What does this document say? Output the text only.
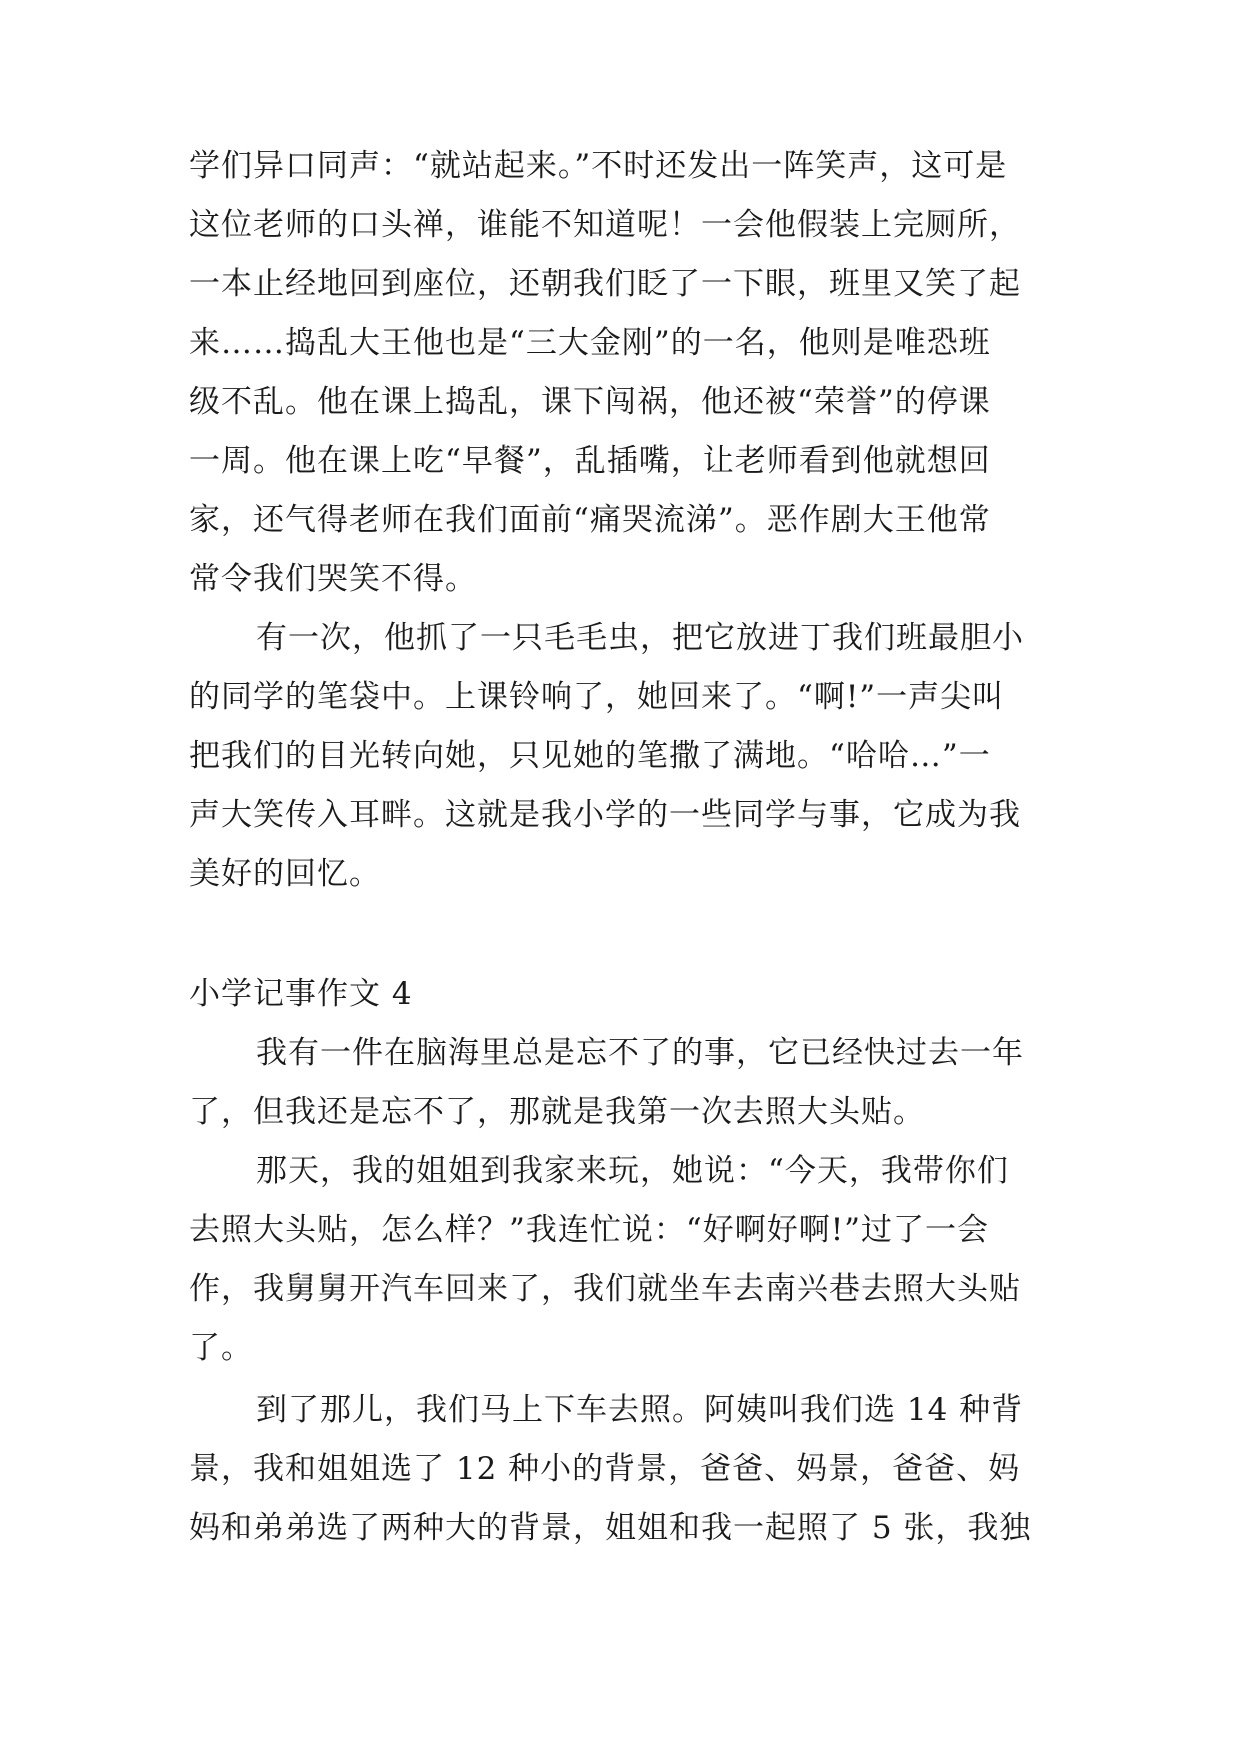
学们异口同声：“就站起来。”不时还发出一阵笑声，这可是
这位老师的口头禅，谁能不知道呢！一会他假装上完厕所，
一本止经地回到座位，还朝我们眨了一下眼，班里又笑了起
来……捣乱大王他也是“三大金刚”的一名，他则是唯恐班
级不乱。他在课上捣乱，课下闯祸，他还被“荣誉”的停课
一周。他在课上吃“早餐”，乱插嘴，让老师看到他就想回
家，还气得老师在我们面前“痛哭流涕”。恶作剧大王他常
常令我们哭笑不得。
有一次，他抓了一只毛毛虫，把它放进丁我们班最胆小
的同学的笔袋中。上课铃响了，她回来了。“啊!”一声尖叫
把我们的目光转向她，只见她的笔撒了满地。“哈哈…”一
声大笑传入耳畔。这就是我小学的一些同学与事，它成为我
美好的回忆。
小学记事作文 4
我有一件在脑海里总是忘不了的事，它已经快过去一年
了，但我还是忘不了，那就是我第一次去照大头贴。
那天，我的姐姐到我家来玩，她说：“今天，我带你们
去照大头贴，怎么样？”我连忙说：“好啊好啊!”过了一会
作，我舅舅开汽车回来了，我们就坐车去南兴巷去照大头贴
了。
到了那儿，我们马上下车去照。阿姨叫我们选 14 种背
景，我和姐姐选了 12 种小的背景，爸爸、妈景，爸爸、妈
妈和弟弟选了两种大的背景，姐姐和我一起照了 5 张，我独
